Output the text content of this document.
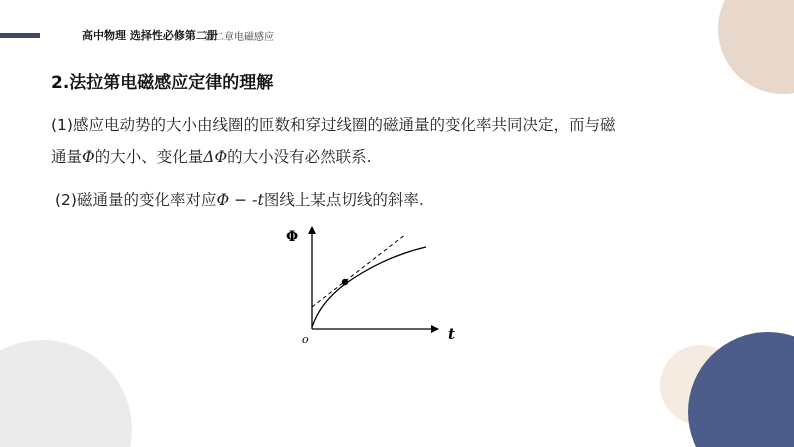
高中物理 选择性必修第二册
第二章电磁感应
2.法拉第电磁感应定律的理解
(1)感应电动势的大小由线圈的匝数和穿过线圈的磁通量的变化率共同决定，而与磁
通量Φ的大小、变化量ΔΦ的大小没有必然联系.
(2)磁通量的变化率对应Φ − -t图线上某点切线的斜率.
Φ
t
o
